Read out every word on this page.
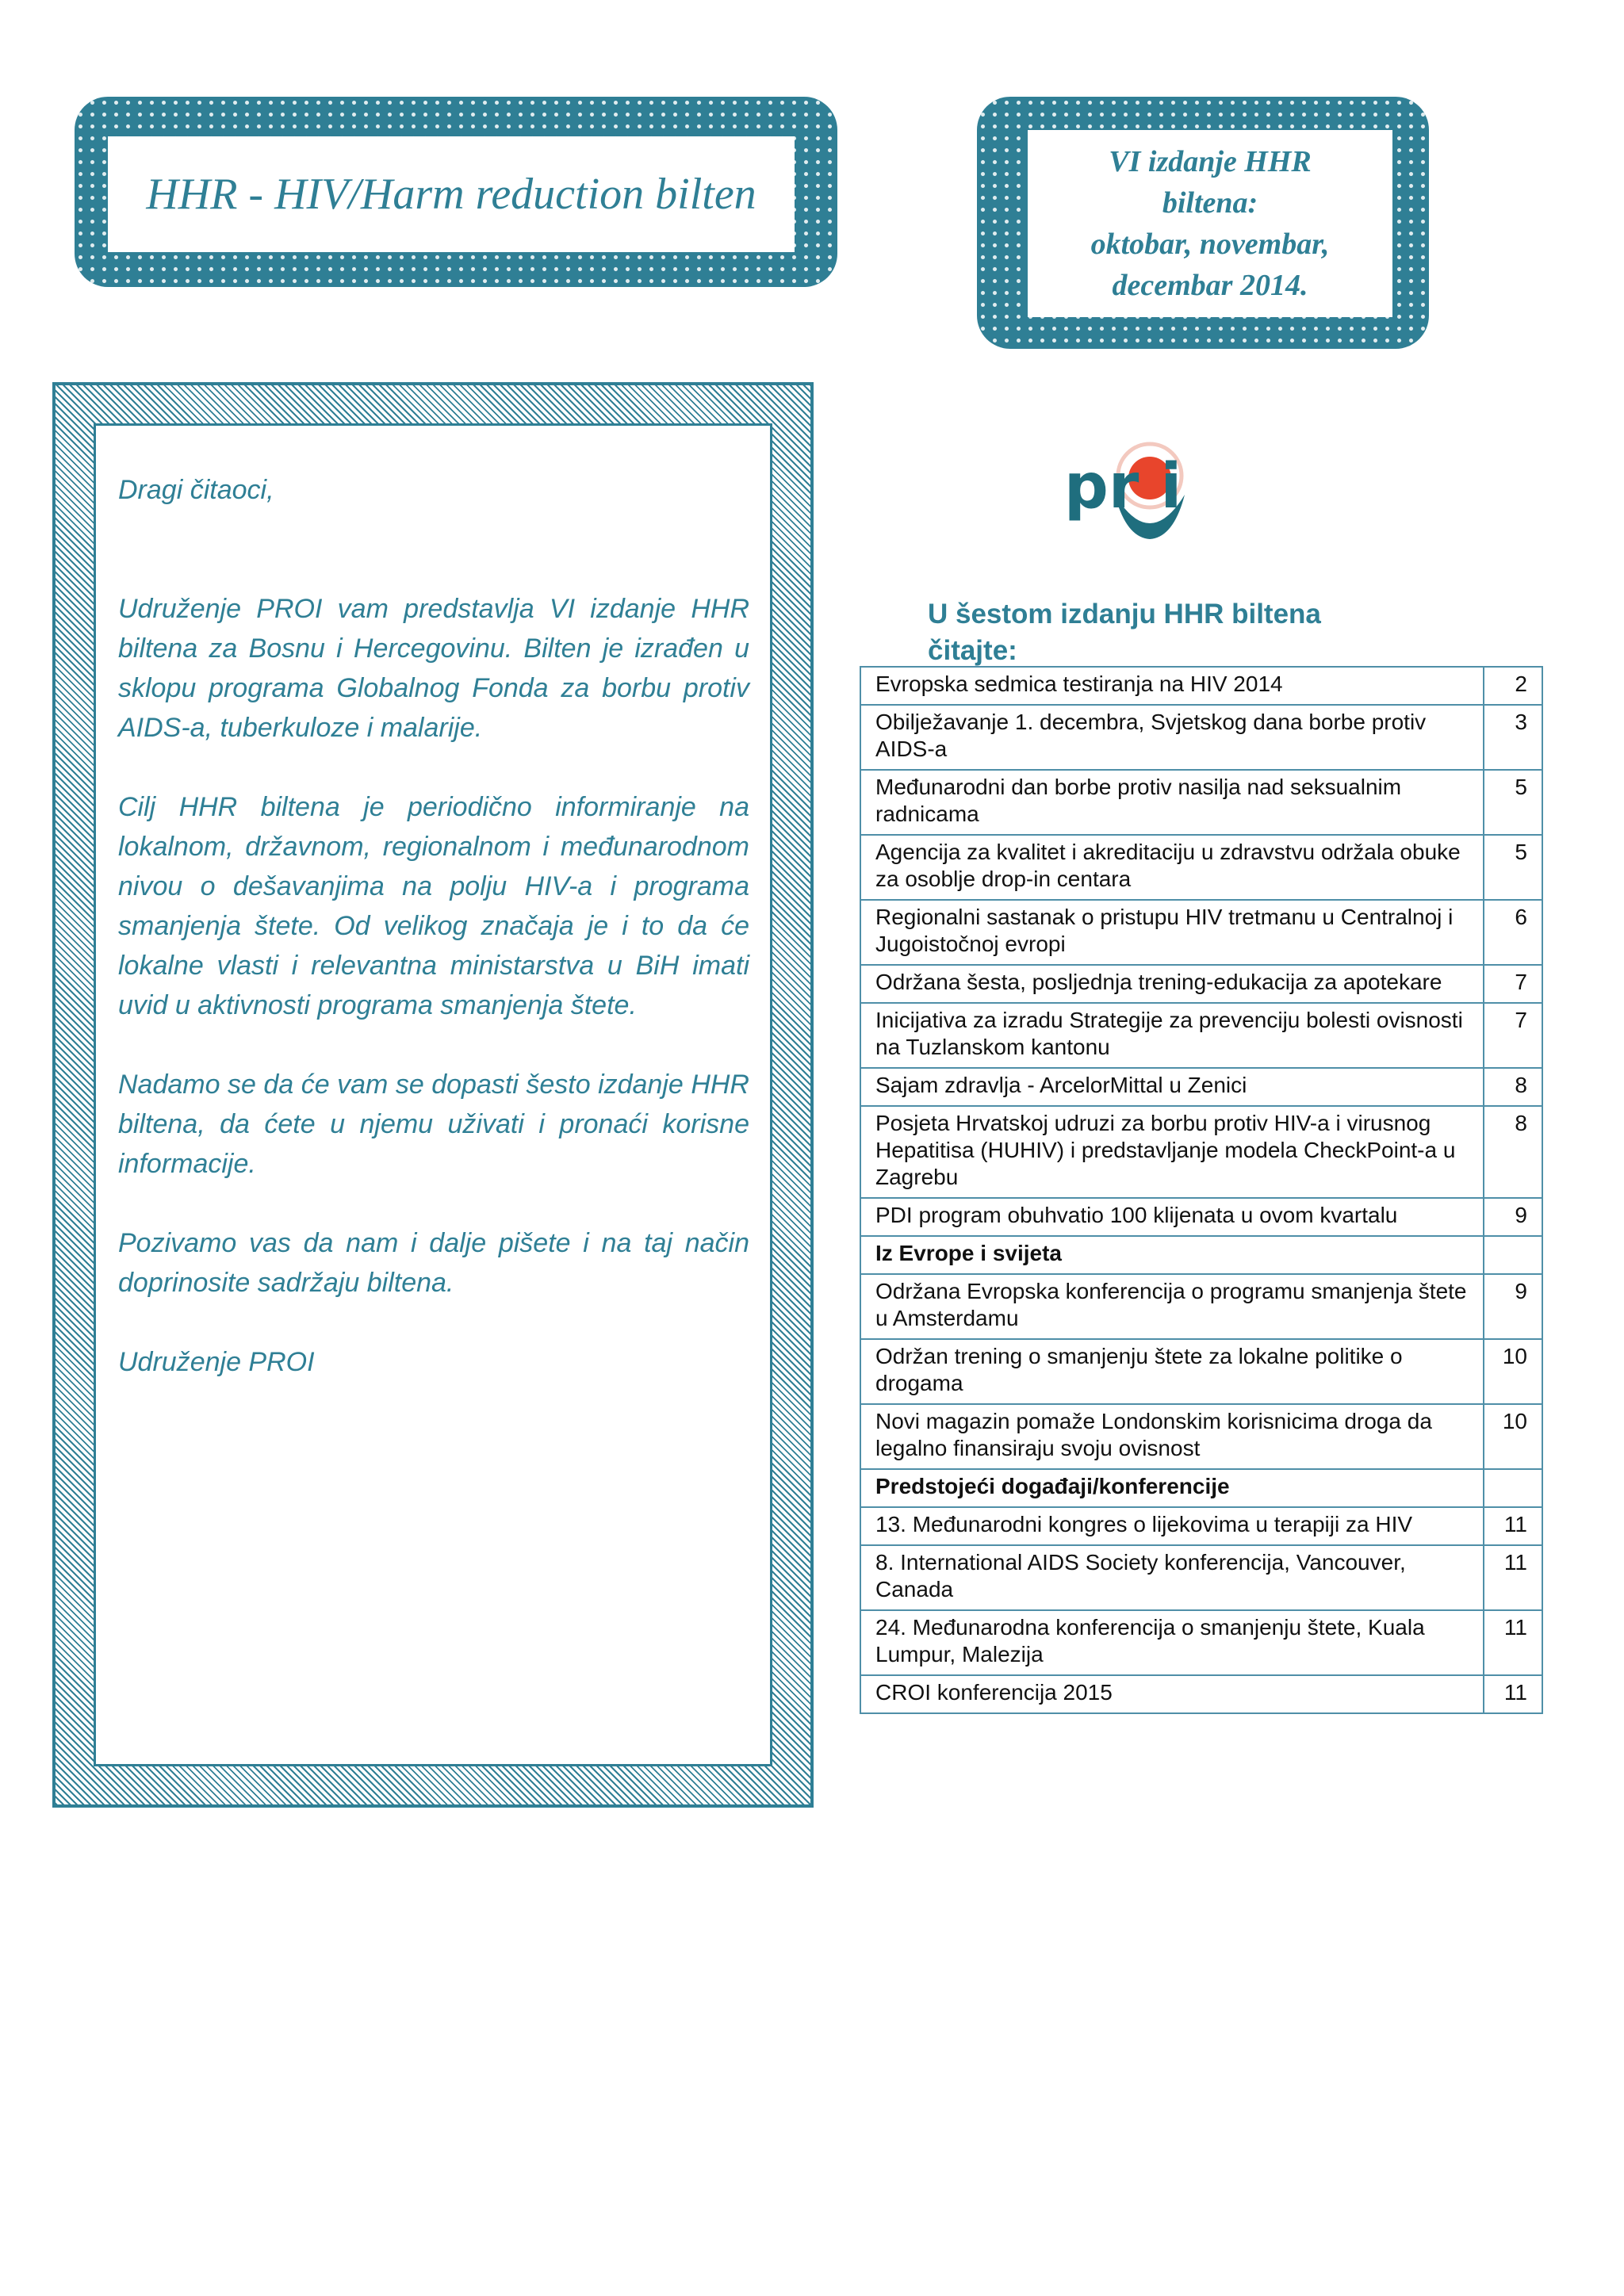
HHR - HIV/Harm reduction bilten
VI izdanje HHR
biltena:
oktobar, novembar,
decembar 2014.

Dragi čitaoci,

Udruženje PROI vam predstavlja VI izdanje HHR biltena za Bosnu i Hercegovinu. Bilten je izrađen u sklopu programa Globalnog Fonda za borbu protiv AIDS-a, tuberkuloze i malarije.

Cilj HHR biltena je periodično informiranje na lokalnom, državnom, regionalnom i međunarodnom nivou o dešavanjima na polju HIV-a i programa smanjenja štete. Od velikog značaja je i to da će lokalne vlasti i relevantna ministarstva u BiH imati uvid u aktivnosti programa smanjenja štete.

Nadamo se da će vam se dopasti šesto izdanje HHR biltena, da ćete u njemu uživati i pronaći korisne informacije.

Pozivamo vas da nam i dalje pišete i na taj način doprinosite sadržaju biltena.

Udruženje PROI

pr i
U šestom izdanju HHR biltena čitajte:
Evropska sedmica testiranja na HIV 2014	2
Obilježavanje 1. decembra, Svjetskog dana borbe protiv AIDS-a	3
Međunarodni dan borbe protiv nasilja nad seksualnim radnicama	5
Agencija za kvalitet i akreditaciju u zdravstvu održala obuke za osoblje drop-in centara	5
Regionalni sastanak o pristupu HIV tretmanu u Centralnoj i Jugoistočnoj evropi	6
Održana šesta, posljednja trening-edukacija za apotekare	7
Inicijativa za izradu Strategije za prevenciju bolesti ovisnosti na Tuzlanskom kantonu	7
Sajam zdravlja - ArcelorMittal u Zenici	8
Posjeta Hrvatskoj udruzi za borbu protiv HIV-a i virusnog Hepatitisa (HUHIV) i predstavljanje modela CheckPoint-a u Zagrebu	8
PDI program obuhvatio 100 klijenata u ovom kvartalu	9
Iz Evrope i svijeta	
Održana Evropska konferencija o programu smanjenja štete u Amsterdamu	9
Održan trening o smanjenju štete za lokalne politike o drogama	10
Novi magazin pomaže Londonskim korisnicima droga da legalno finansiraju svoju ovisnost	10
Predstojeći događaji/konferencije	
13. Međunarodni kongres o lijekovima u terapiji za HIV	11
8. International AIDS Society konferencija, Vancouver, Canada	11
24. Međunarodna konferencija o smanjenju štete, Kuala Lumpur, Malezija	11
CROI konferencija 2015	11
